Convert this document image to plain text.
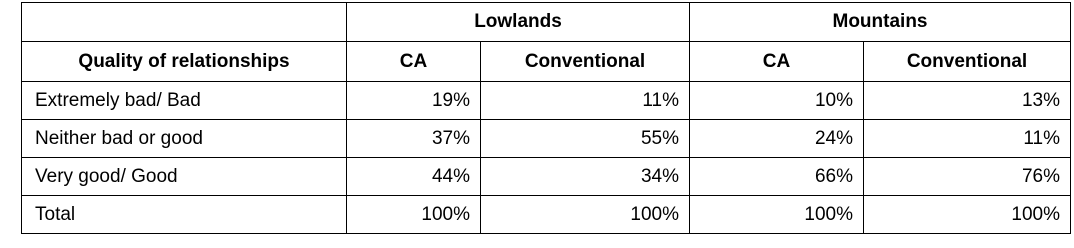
	Lowlands		Mountains	
Quality of relationships	CA	Conventional	CA	Conventional
Extremely bad/ Bad	19%	11%	10%	13%
Neither bad or good	37%	55%	24%	11%
Very good/ Good	44%	34%	66%	76%
Total	100%	100%	100%	100%
